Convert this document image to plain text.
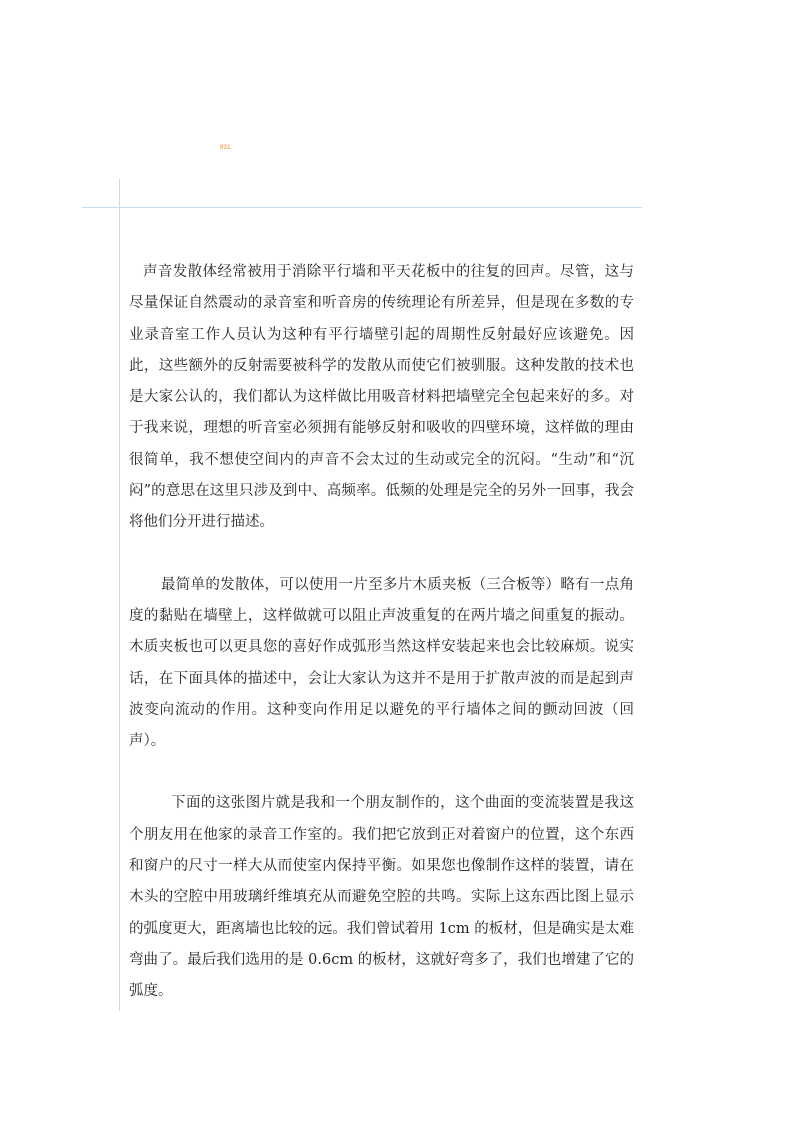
931

声音发散体经常被用于消除平行墙和平天花板中的往复的回声。尽管，这与尽量保证自然震动的录音室和听音房的传统理论有所差异，但是现在多数的专业录音室工作人员认为这种有平行墙壁引起的周期性反射最好应该避免。因此，这些额外的反射需要被科学的发散从而使它们被驯服。这种发散的技术也是大家公认的，我们都认为这样做比用吸音材料把墙壁完全包起来好的多。对于我来说，理想的听音室必须拥有能够反射和吸收的四壁环境，这样做的理由很简单，我不想使空间内的声音不会太过的生动或完全的沉闷。“生动”和“沉闷”的意思在这里只涉及到中、高频率。低频的处理是完全的另外一回事，我会将他们分开进行描述。

最简单的发散体，可以使用一片至多片木质夹板（三合板等）略有一点角度的黏贴在墙壁上，这样做就可以阻止声波重复的在两片墙之间重复的振动。木质夹板也可以更具您的喜好作成弧形当然这样安装起来也会比较麻烦。说实话，在下面具体的描述中，会让大家认为这并不是用于扩散声波的而是起到声波变向流动的作用。这种变向作用足以避免的平行墙体之间的颤动回波（回声）。

下面的这张图片就是我和一个朋友制作的，这个曲面的变流装置是我这个朋友用在他家的录音工作室的。我们把它放到正对着窗户的位置，这个东西和窗户的尺寸一样大从而使室内保持平衡。如果您也像制作这样的装置，请在木头的空腔中用玻璃纤维填充从而避免空腔的共鸣。实际上这东西比图上显示的弧度更大，距离墙也比较的远。我们曾试着用 1cm 的板材，但是确实是太难弯曲了。最后我们选用的是 0.6cm 的板材，这就好弯多了，我们也增建了它的弧度。
